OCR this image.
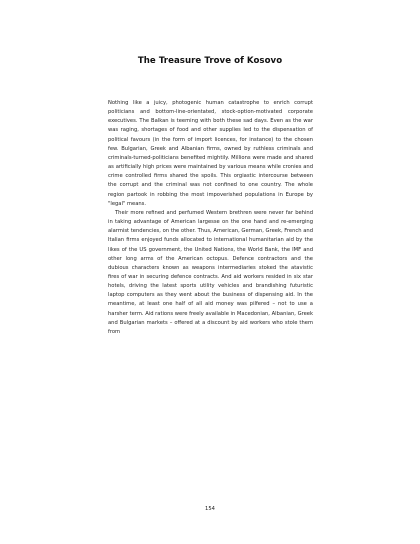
The Treasure Trove of Kosovo

Nothing like a juicy, photogenic human catastrophe to enrich corrupt politicians and bottom-line-orientated, stock-option-motivated corporate executives. The Balkan is teeming with both these sad days. Even as the war was raging, shortages of food and other supplies led to the dispensation of political favours (in the form of import licences, for instance) to the chosen few. Bulgarian, Greek and Albanian firms, owned by ruthless criminals and criminals-turned-politicians benefited mightily. Millions were made and shared as artificially high prices were maintained by various means while cronies and crime controlled firms shared the spoils. This orgiastic intercourse between the corrupt and the criminal was not confined to one country. The whole region partook in robbing the most impoverished populations in Europe by "legal" means.

Their more refined and perfumed Western brethren were never far behind in taking advantage of American largesse on the one hand and re-emerging alarmist tendencies, on the other. Thus, American, German, Greek, French and Italian firms enjoyed funds allocated to international humanitarian aid by the likes of the US government, the United Nations, the World Bank, the IMF and other long arms of the American octopus. Defence contractors and the dubious characters known as weapons intermediaries stoked the atavistic fires of war in securing defence contracts. And aid workers resided in six star hotels, driving the latest sports utility vehicles and brandishing futuristic laptop computers as they went about the business of dispensing aid. In the meantime, at least one half of all aid money was pilfered – not to use a harsher term. Aid rations were freely available in Macedonian, Albanian, Greek and Bulgarian markets – offered at a discount by aid workers who stole them from

154
